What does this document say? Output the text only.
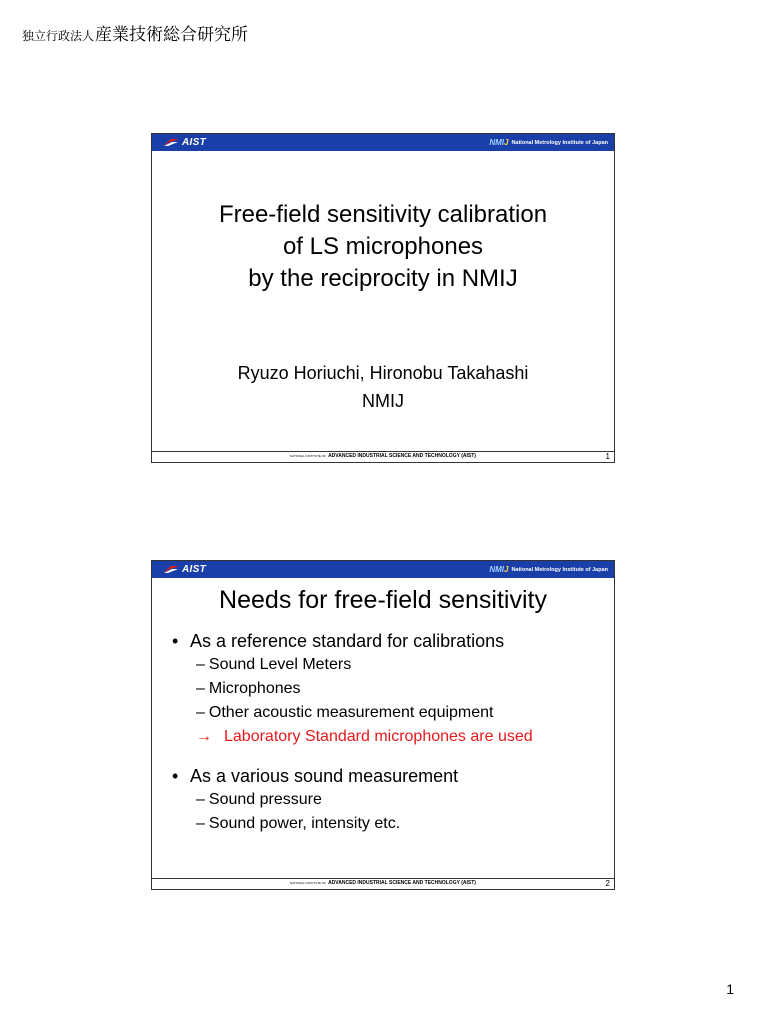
独立行政法人産業技術総合研究所
AIST	NMIJ National Metrology Institute of Japan
Free-field sensitivity calibration
of LS microphones
by the reciprocity in NMIJ
Ryuzo Horiuchi, Hironobu Takahashi
NMIJ
NATIONAL INSTITUTE OF ADVANCED INDUSTRIAL SCIENCE AND TECHNOLOGY (AIST)	1
AIST	NMIJ National Metrology Institute of Japan
Needs for free-field sensitivity
• As a reference standard for calibrations
– Sound Level Meters
– Microphones
– Other acoustic measurement equipment
→ Laboratory Standard microphones are used
• As a various sound measurement
– Sound pressure
– Sound power, intensity etc.
NATIONAL INSTITUTE OF ADVANCED INDUSTRIAL SCIENCE AND TECHNOLOGY (AIST)	2
1
